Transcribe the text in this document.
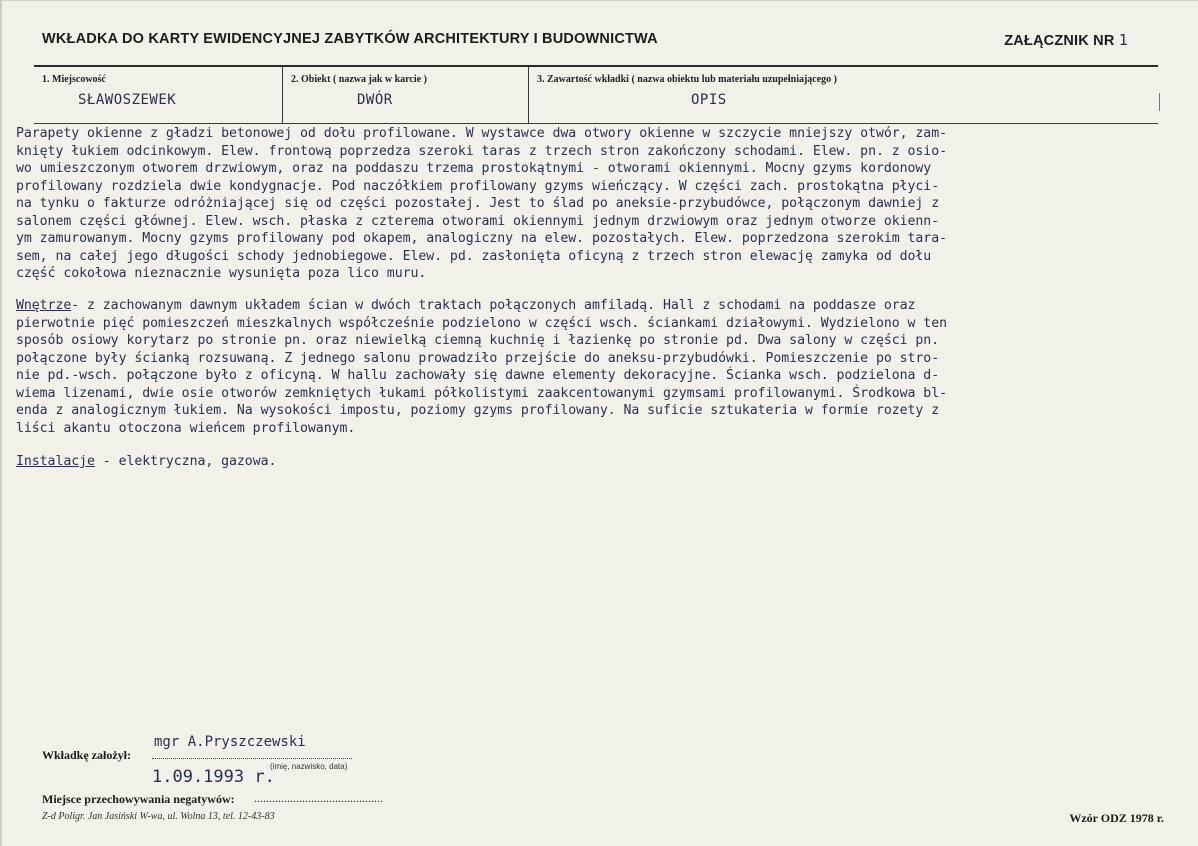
WKŁADKA DO KARTY EWIDENCYJNEJ ZABYTKÓW ARCHITEKTURY I BUDOWNICTWA	ZAŁĄCZNIK NR 1
1. Miejscowość
SŁAWOSZEWEK
2. Obiekt ( nazwa jak w karcie )
DWÓR
3. Zawartość wkładki ( nazwa obiektu lub materiału uzupełniającego )
OPIS
Parapety okienne z gładzi betonowej od dołu profilowane. W wystawce dwa otwory okienne w szczycie mniejszy otwór, zam-
knięty łukiem odcinkowym. Elew. frontową poprzedza szeroki taras z trzech stron zakończony schodami. Elew. pn. z osio-
wo umieszczonym otworem drzwiowym, oraz na poddaszu trzema prostokątnymi - otworami okiennymi. Mocny gzyms kordonowy
profilowany rozdziela dwie kondygnacje. Pod naczółkiem profilowany gzyms wieńczący. W części zach. prostokątna płyci-
na tynku o fakturze odróżniającej się od części pozostałej. Jest to ślad po aneksie-przybudówce, połączonym dawniej z
salonem części głównej. Elew. wsch. płaska z czterema otworami okiennymi jednym drzwiowym oraz jednym otworze okienn-
ym zamurowanym. Mocny gzyms profilowany pod okapem, analogiczny na elew. pozostałych. Elew. poprzedzona szerokim tara-
sem, na całej jego długości schody jednobiegowe. Elew. pd. zasłonięta oficyną z trzech stron elewację zamyka od dołu
część cokołowa nieznacznie wysunięta poza lico muru.
Wnętrze- z zachowanym dawnym układem ścian w dwóch traktach połączonych amfiladą. Hall z schodami na poddasze oraz
pierwotnie pięć pomieszczeń mieszkalnych współcześnie podzielono w części wsch. ściankami działowymi. Wydzielono w ten
sposób osiowy korytarz po stronie pn. oraz niewielką ciemną kuchnię i łazienkę po stronie pd. Dwa salony w części pn.
połączone były ścianką rozsuwaną. Z jednego salonu prowadziło przejście do aneksu-przybudówki. Pomieszczenie po stro-
nie pd.-wsch. połączone było z oficyną. W hallu zachowały się dawne elementy dekoracyjne. Ścianka wsch. podzielona d-
wiema lizenami, dwie osie otworów zemkniętych łukami półkolistymi zaakcentowanymi gzymsami profilowanymi. Środkowa bl-
enda z analogicznym łukiem. Na wysokości impostu, poziomy gzyms profilowany. Na suficie sztukateria w formie rozety z
liści akantu otoczona wieńcem profilowanym.
Instalacje - elektryczna, gazowa.
Wkładkę założył:
mgr A.Pryszczewski
(imię, nazwisko, data)
1.09.1993 r.
Miejsce przechowywania negatywów: ...........................................
Z-d Poligr. Jan Jasiński W-wa, ul. Wolna 13, tel. 12-43-83	Wzór ODZ 1978 r.
